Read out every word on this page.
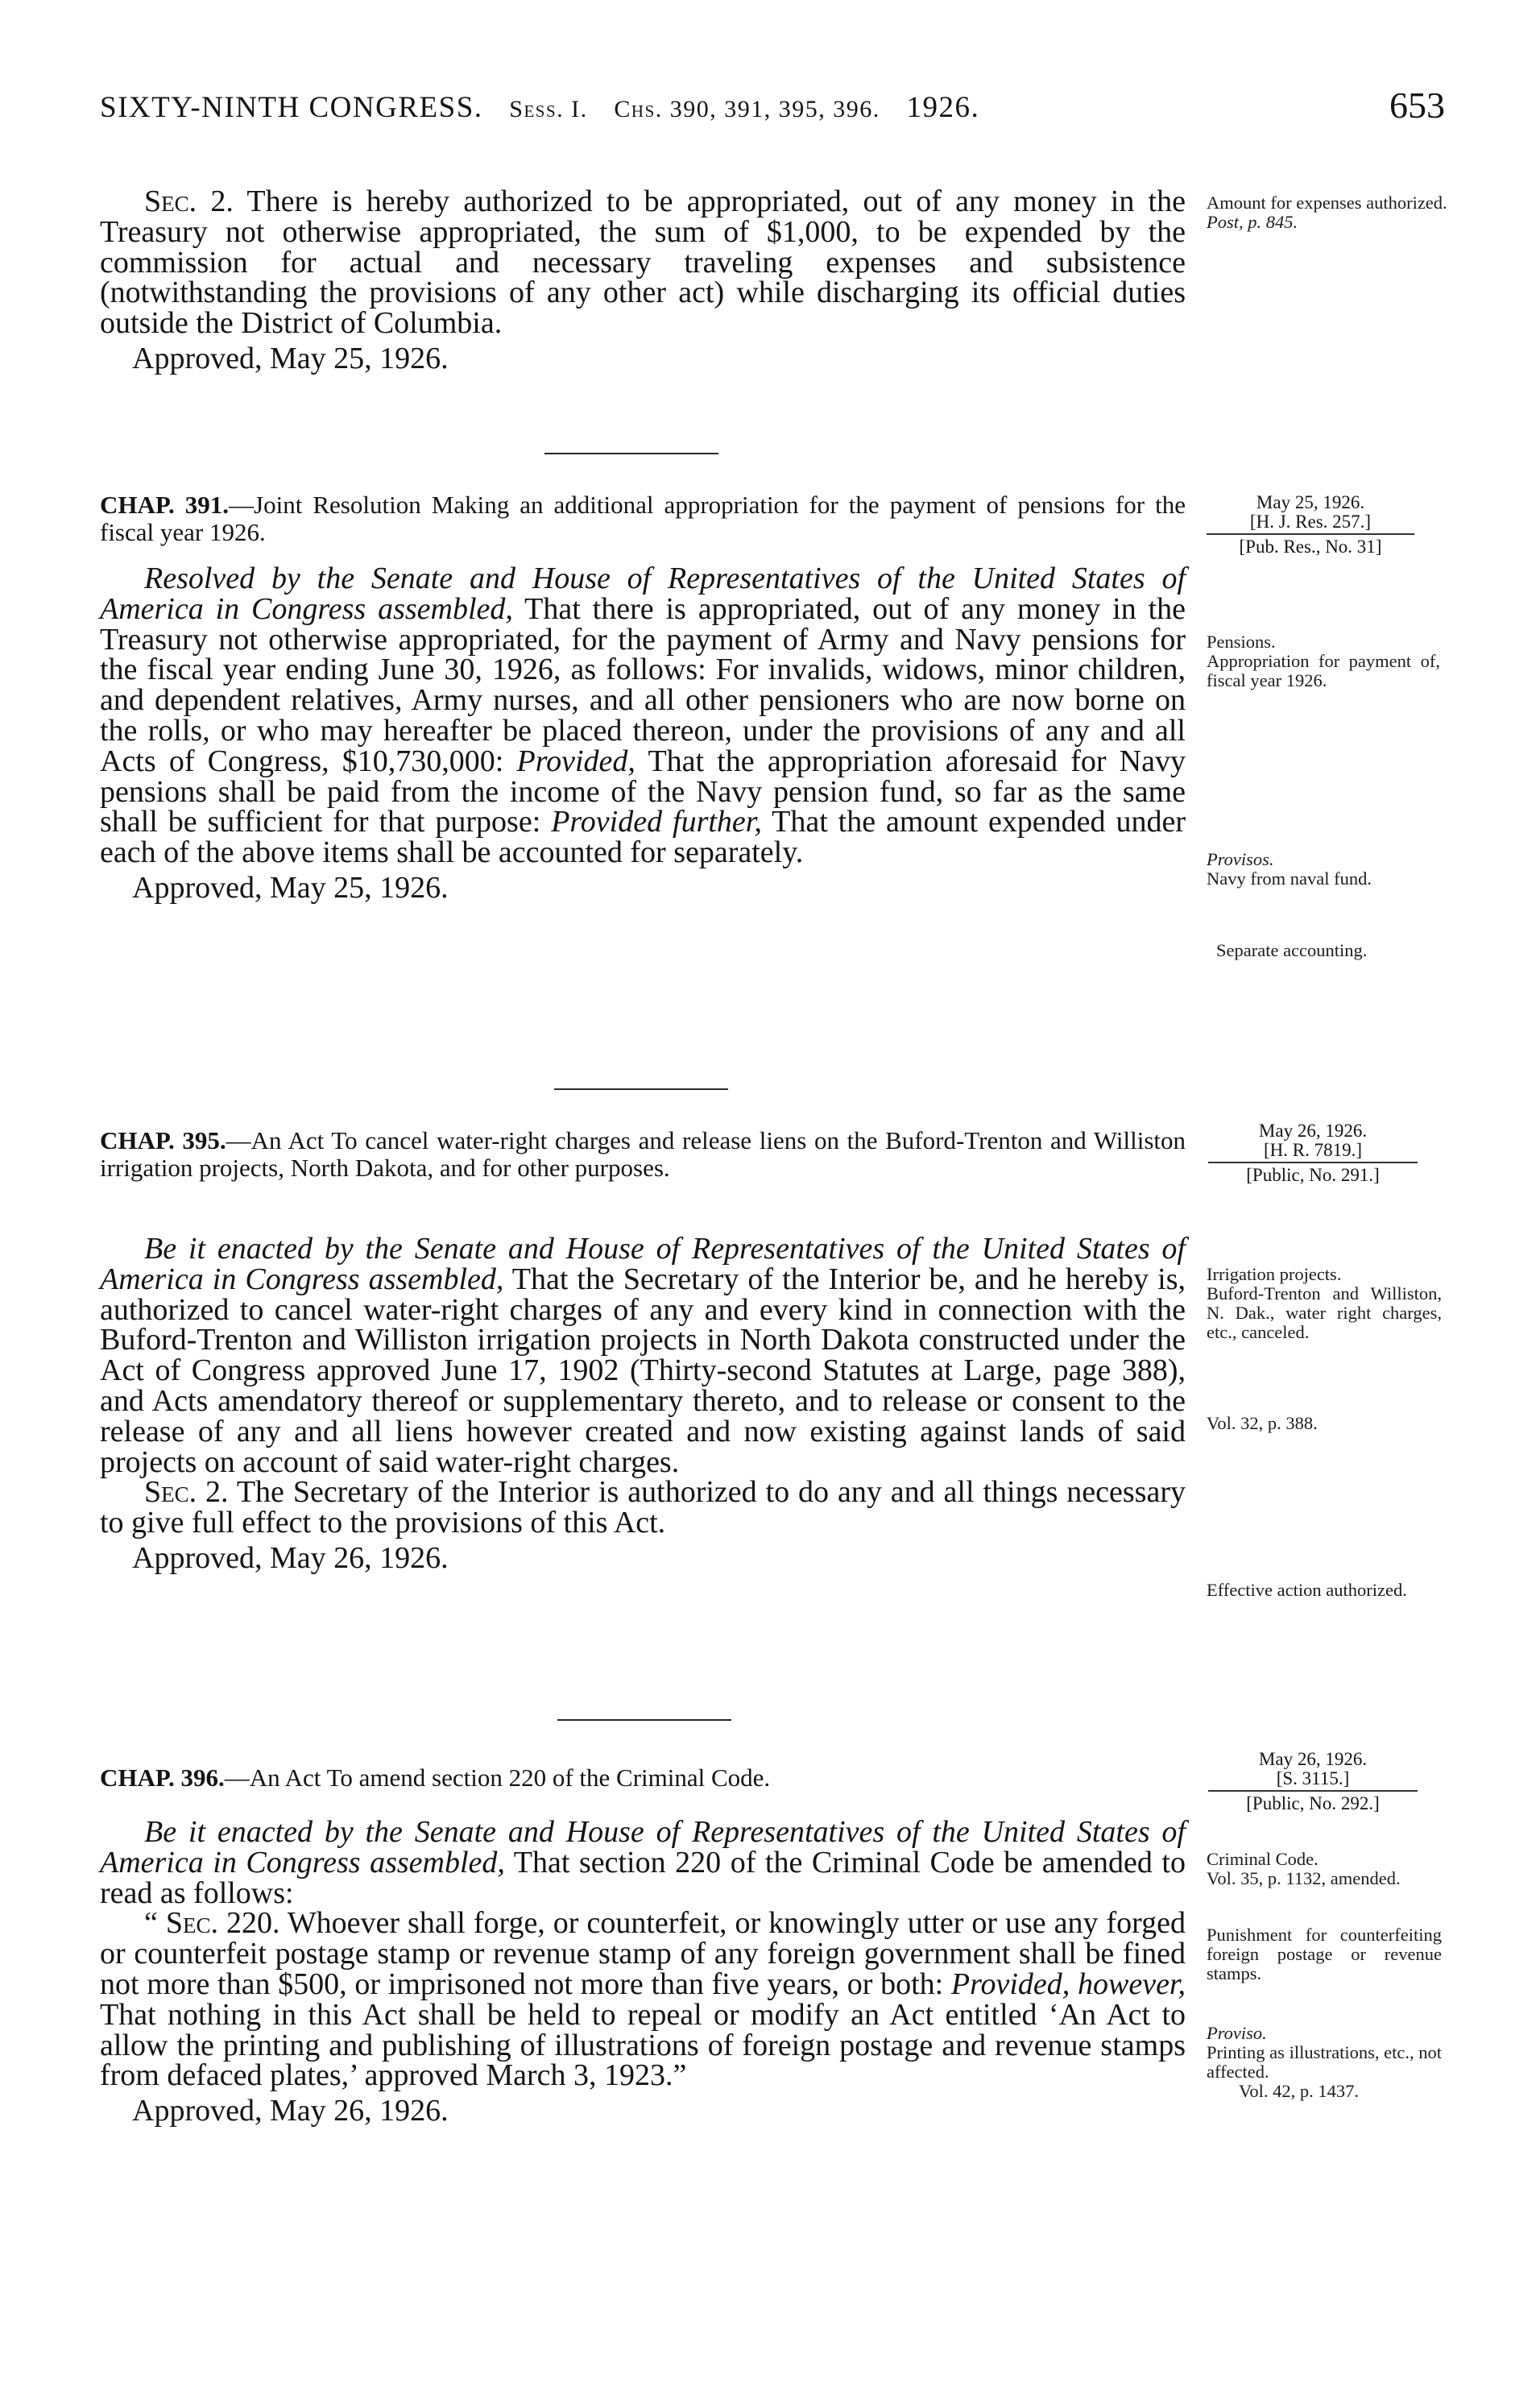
SIXTY-NINTH CONGRESS. Sess. I. Chs. 390, 391, 395, 396. 1926.	653

Sec. 2. There is hereby authorized to be appropriated, out of any money in the Treasury not otherwise appropriated, the sum of $1,000, to be expended by the commission for actual and necessary traveling expenses and subsistence (notwithstanding the provisions of any other act) while discharging its official duties outside the District of Columbia.

Approved, May 25, 1926.

Amount for expenses authorized.
Post, p. 845.
CHAP. 391.—Joint Resolution Making an additional appropriation for the payment of pensions for the fiscal year 1926.
May 25, 1926.
[H. J. Res. 257.]
[Pub. Res., No. 31]

Resolved by the Senate and House of Representatives of the United States of America in Congress assembled, That there is appropriated, out of any money in the Treasury not otherwise appropriated, for the payment of Army and Navy pensions for the fiscal year ending June 30, 1926, as follows: For invalids, widows, minor children, and dependent relatives, Army nurses, and all other pensioners who are now borne on the rolls, or who may hereafter be placed thereon, under the provisions of any and all Acts of Congress, $10,730,000: Provided, That the appropriation aforesaid for Navy pensions shall be paid from the income of the Navy pension fund, so far as the same shall be sufficient for that purpose: Provided further, That the amount expended under each of the above items shall be accounted for separately.

Approved, May 25, 1926.

Pensions.
Appropriation for payment of, fiscal year 1926.
Provisos.
Navy from naval fund.
Separate accounting.
CHAP. 395.—An Act To cancel water-right charges and release liens on the Buford-Trenton and Williston irrigation projects, North Dakota, and for other purposes.
May 26, 1926.
[H. R. 7819.]
[Public, No. 291.]

Be it enacted by the Senate and House of Representatives of the United States of America in Congress assembled, That the Secretary of the Interior be, and he hereby is, authorized to cancel water-right charges of any and every kind in connection with the Buford-Trenton and Williston irrigation projects in North Dakota constructed under the Act of Congress approved June 17, 1902 (Thirty-second Statutes at Large, page 388), and Acts amendatory thereof or supplementary thereto, and to release or consent to the release of any and all liens however created and now existing against lands of said projects on account of said water-right charges.

Sec. 2. The Secretary of the Interior is authorized to do any and all things necessary to give full effect to the provisions of this Act.

Approved, May 26, 1926.

Irrigation projects.
Buford-Trenton and Williston, N. Dak., water right charges, etc., canceled.
Vol. 32, p. 388.
Effective action authorized.
CHAP. 396.—An Act To amend section 220 of the Criminal Code.
May 26, 1926.
[S. 3115.]
[Public, No. 292.]

Be it enacted by the Senate and House of Representatives of the United States of America in Congress assembled, That section 220 of the Criminal Code be amended to read as follows:

“ Sec. 220. Whoever shall forge, or counterfeit, or knowingly utter or use any forged or counterfeit postage stamp or revenue stamp of any foreign government shall be fined not more than $500, or imprisoned not more than five years, or both: Provided, however, That nothing in this Act shall be held to repeal or modify an Act entitled ‘An Act to allow the printing and publishing of illustrations of foreign postage and revenue stamps from defaced plates,’ approved March 3, 1923.”

Approved, May 26, 1926.

Criminal Code.
Vol. 35, p. 1132, amended.
Punishment for counterfeiting foreign postage or revenue stamps.
Proviso.
Printing as illustrations, etc., not affected.
Vol. 42, p. 1437.
